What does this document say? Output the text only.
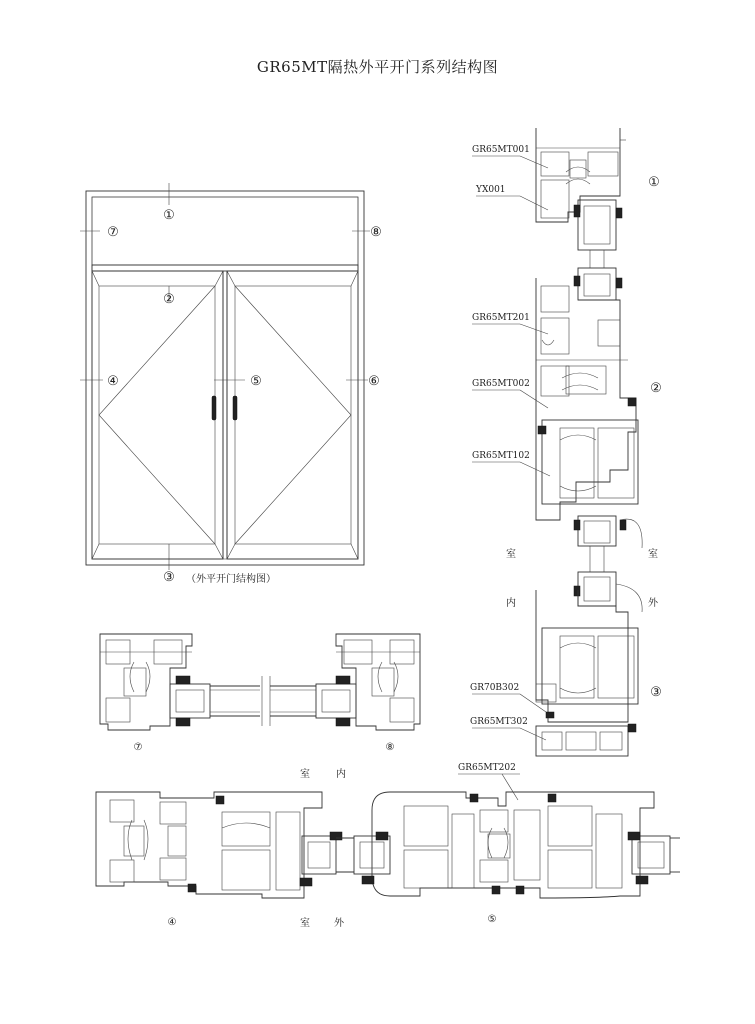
GR65MT隔热外平开门系列结构图
①
⑦	⑧
②
④	⑤	⑥
③ （外平开门结构图）
GR65MT001
YX001
GR65MT201
GR65MT002
GR65MT102
GR70B302
GR65MT302
①
②
③
室
内
室
外
⑦	⑧
室	内
GR65MT202
④	⑤
室 外
